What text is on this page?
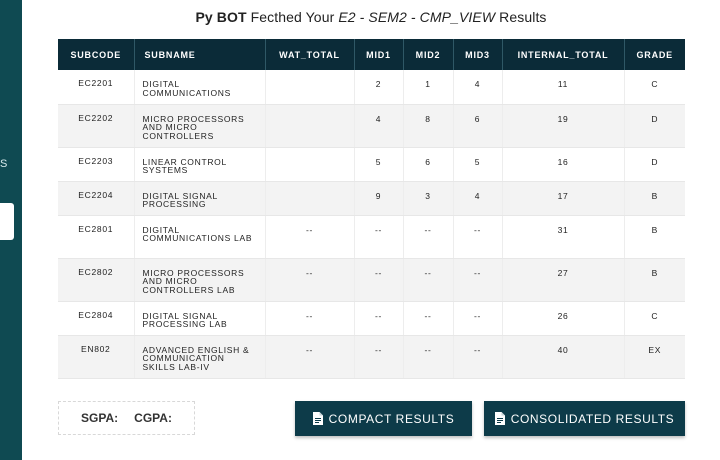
S
Py BOT Fecthed Your E2 - SEM2 - CMP_VIEW Results
SUBCODE	SUBNAME	WAT_TOTAL	MID1	MID2	MID3	INTERNAL_TOTAL	GRADE
EC2201	DIGITAL COMMUNICATIONS		2	1	4	11	C
EC2202	MICRO PROCESSORS AND MICRO CONTROLLERS		4	8	6	19	D
EC2203	LINEAR CONTROL SYSTEMS		5	6	5	16	D
EC2204	DIGITAL SIGNAL PROCESSING		9	3	4	17	B
EC2801	DIGITAL COMMUNICATIONS LAB	--	--	--	--	31	B
EC2802	MICRO PROCESSORS AND MICRO CONTROLLERS LAB	--	--	--	--	27	B
EC2804	DIGITAL SIGNAL PROCESSING LAB	--	--	--	--	26	C
EN802	ADVANCED ENGLISH & COMMUNICATION SKILLS LAB-IV	--	--	--	--	40	EX
SGPA: CGPA:	COMPACT RESULTS	CONSOLIDATED RESULTS
